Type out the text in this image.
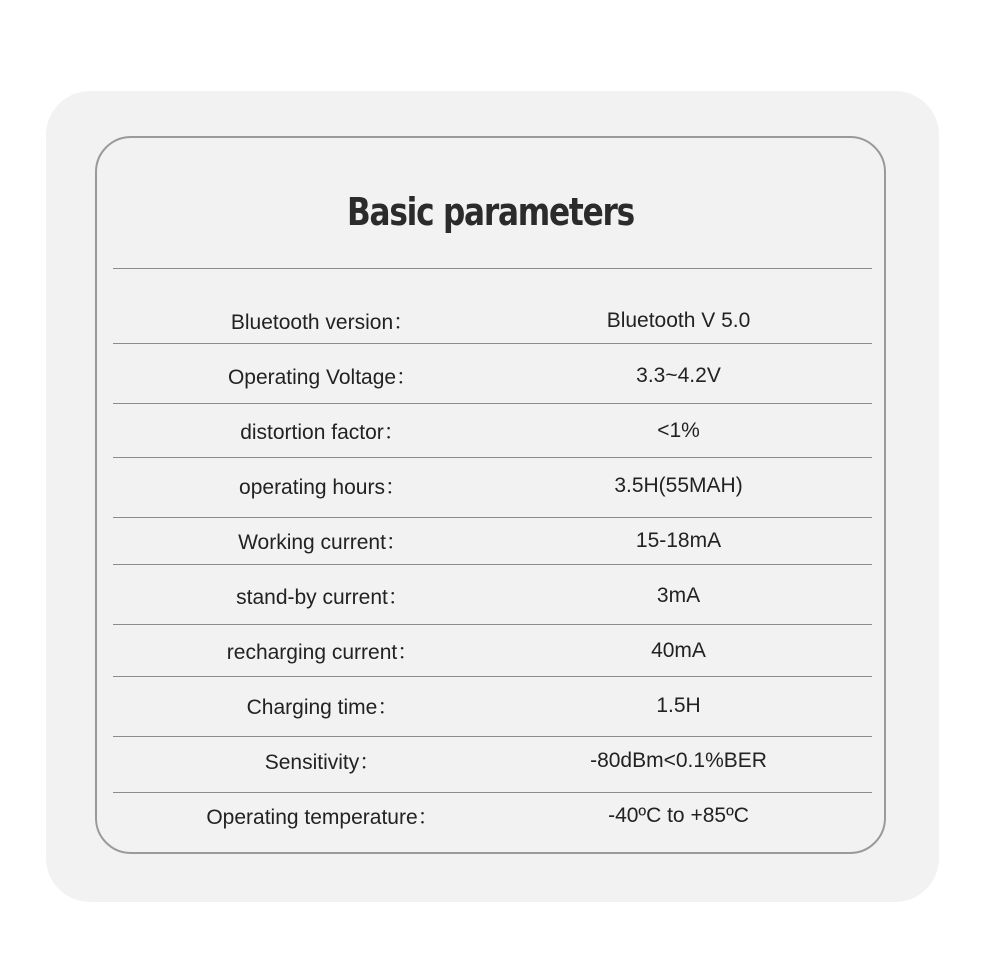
Basic parameters
Bluetooth version：	Bluetooth V 5.0
Operating Voltage：	3.3~4.2V
distortion factor：	<1%
operating hours：	3.5H(55MAH)
Working current：	15-18mA
stand-by current：	3mA
recharging current：	40mA
Charging time：	1.5H
Sensitivity：	-80dBm<0.1%BER
Operating temperature：	-40ºC to +85ºC
